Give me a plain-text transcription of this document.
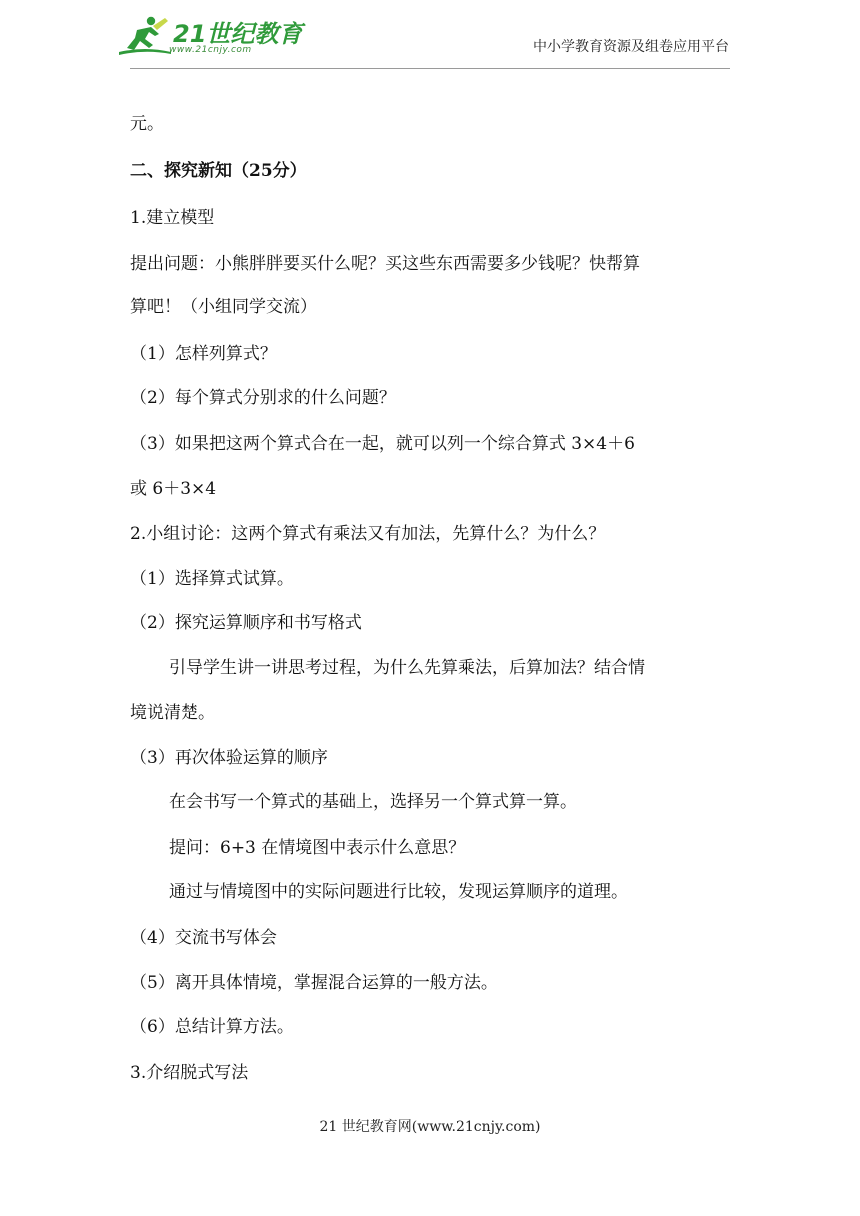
21世纪教育
www.21cnjy.com	中小学教育资源及组卷应用平台

元。

二、探究新知（25分）

1.建立模型

提出问题：小熊胖胖要买什么呢？买这些东西需要多少钱呢？快帮算

算吧！（小组同学交流）

（1）怎样列算式？

（2）每个算式分别求的什么问题？

（3）如果把这两个算式合在一起，就可以列一个综合算式 3×4＋6

或 6＋3×4

2.小组讨论：这两个算式有乘法又有加法，先算什么？为什么？

（1）选择算式试算。

（2）探究运算顺序和书写格式

引导学生讲一讲思考过程，为什么先算乘法，后算加法？结合情

境说清楚。

（3）再次体验运算的顺序

在会书写一个算式的基础上，选择另一个算式算一算。

提问：6+3 在情境图中表示什么意思？

通过与情境图中的实际问题进行比较，发现运算顺序的道理。

（4）交流书写体会

（5）离开具体情境，掌握混合运算的一般方法。

（6）总结计算方法。

3.介绍脱式写法

21 世纪教育网(www.21cnjy.com)
